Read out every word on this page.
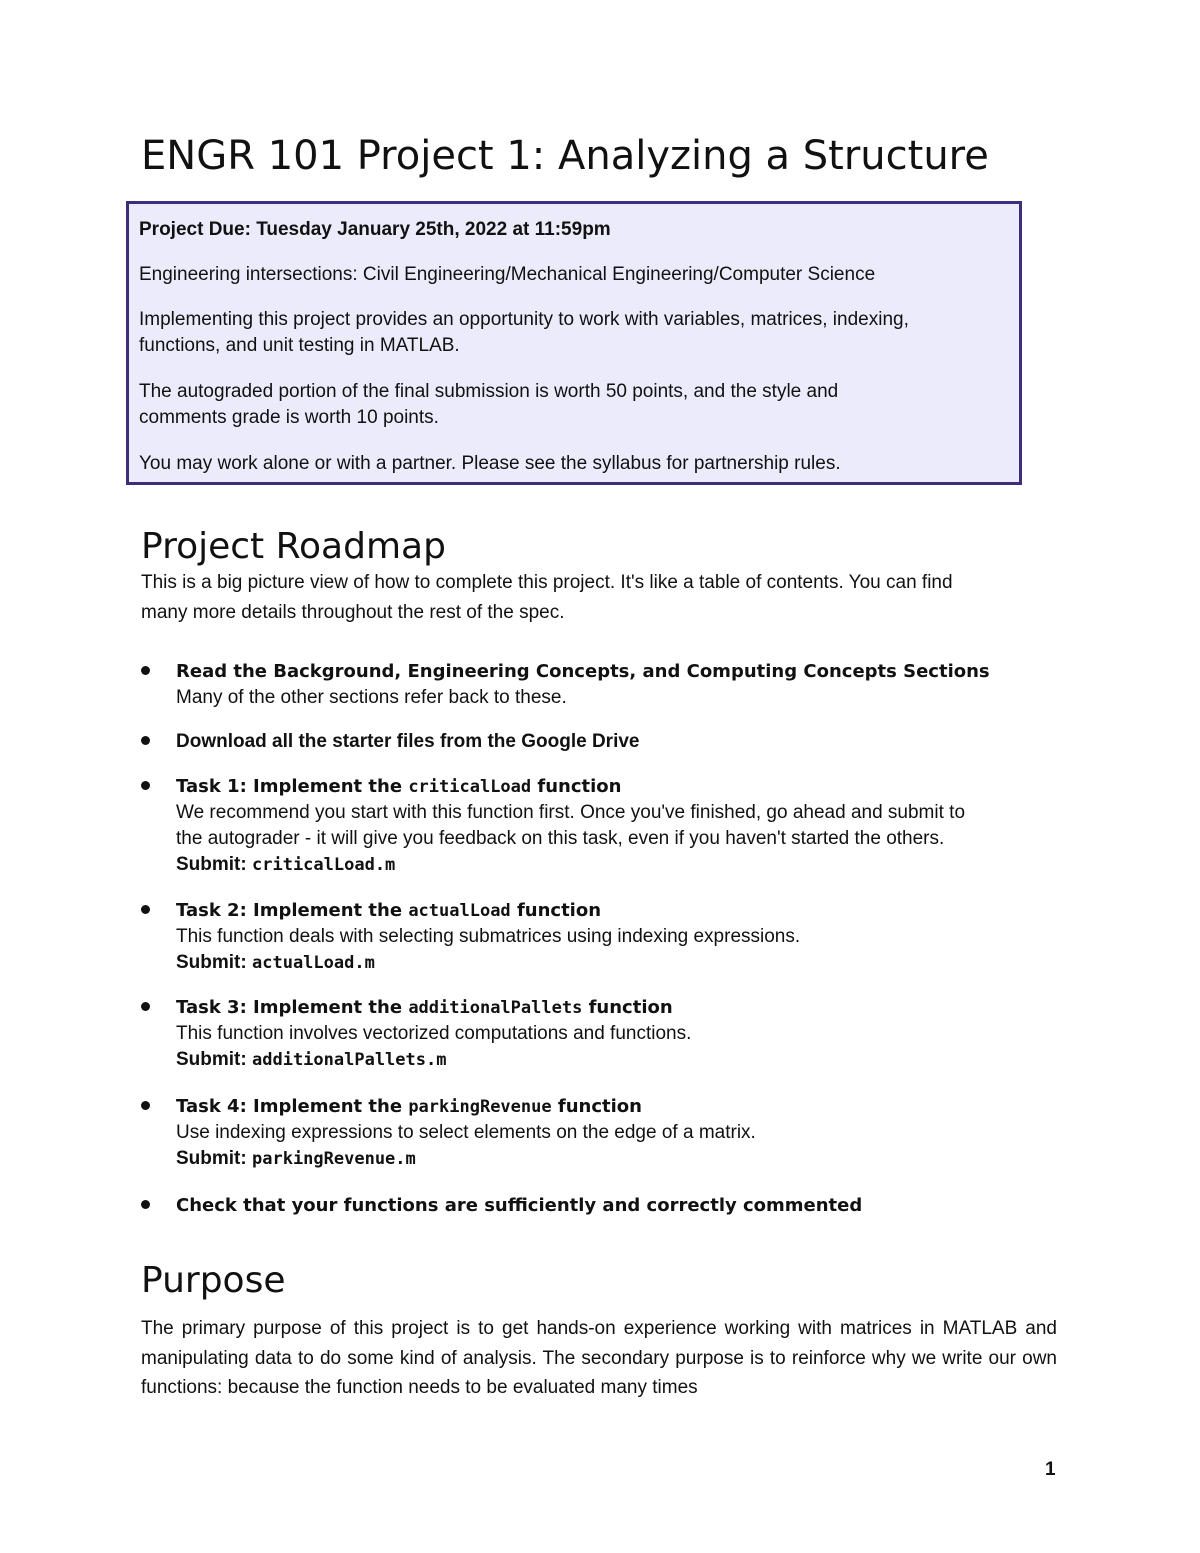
ENGR 101 Project 1: Analyzing a Structure

Project Due: Tuesday January 25th, 2022 at 11:59pm

Engineering intersections: Civil Engineering/Mechanical Engineering/Computer Science

Implementing this project provides an opportunity to work with variables, matrices, indexing,
functions, and unit testing in MATLAB.

The autograded portion of the final submission is worth 50 points, and the style and
comments grade is worth 10 points.

You may work alone or with a partner. Please see the syllabus for partnership rules.

Project Roadmap

This is a big picture view of how to complete this project. It's like a table of contents. You can find
many more details throughout the rest of the spec.

Read the Background, Engineering Concepts, and Computing Concepts Sections
Many of the other sections refer back to these.
Download all the starter files from the Google Drive
Task 1: Implement the criticalLoad function
We recommend you start with this function first. Once you've finished, go ahead and submit to
the autograder - it will give you feedback on this task, even if you haven't started the others.
Submit: criticalLoad.m
Task 2: Implement the actualLoad function
This function deals with selecting submatrices using indexing expressions.
Submit: actualLoad.m
Task 3: Implement the additionalPallets function
This function involves vectorized computations and functions.
Submit: additionalPallets.m
Task 4: Implement the parkingRevenue function
Use indexing expressions to select elements on the edge of a matrix.
Submit: parkingRevenue.m
Check that your functions are sufficiently and correctly commented
Purpose

The primary purpose of this project is to get hands-on experience working with matrices in MATLAB and manipulating data to do some kind of analysis. The secondary purpose is to reinforce why we write our own functions: because the function needs to be evaluated many times

1
